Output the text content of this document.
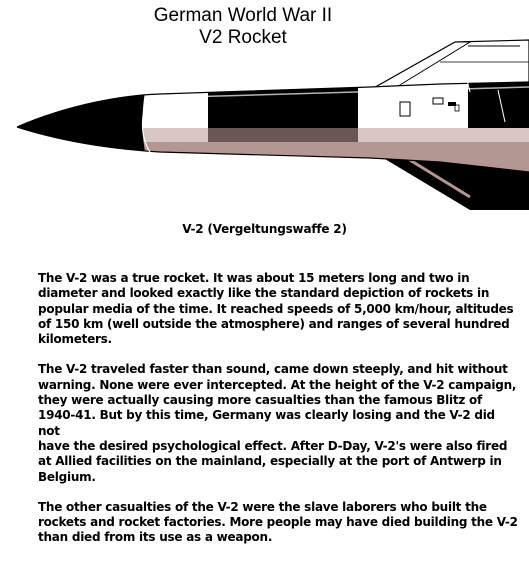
German World War II
V2 Rocket
V-2 (Vergeltungswaffe 2)

The V-2 was a true rocket. It was about 15 meters long and two in
diameter and looked exactly like the standard depiction of rockets in
popular media of the time. It reached speeds of 5,000 km/hour, altitudes
of 150 km (well outside the atmosphere) and ranges of several hundred
kilometers.

The V-2 traveled faster than sound, came down steeply, and hit without
warning. None were ever intercepted. At the height of the V-2 campaign,
they were actually causing more casualties than the famous Blitz of
1940-41. But by this time, Germany was clearly losing and the V-2 did not
have the desired psychological effect. After D-Day, V-2's were also fired
at Allied facilities on the mainland, especially at the port of Antwerp in
Belgium.

The other casualties of the V-2 were the slave laborers who built the
rockets and rocket factories. More people may have died building the V-2
than died from its use as a weapon.
